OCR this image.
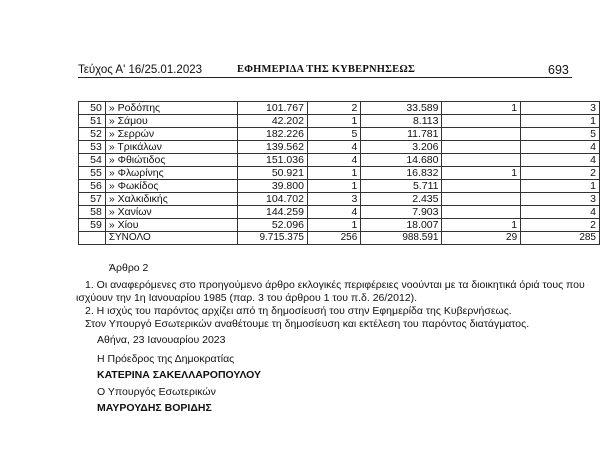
Τεύχος Α' 16/25.01.2023	ΕΦΗΜΕΡΙΔΑ ΤΗΣ ΚΥΒΕΡΝΗΣΕΩΣ	693
50	» Ροδόπης	101.767	2	33.589	1	3
51	» Σάμου	42.202	1	8.113		1
52	» Σερρών	182.226	5	11.781		5
53	» Τρικάλων	139.562	4	3.206		4
54	» Φθιώτιδος	151.036	4	14.680		4
55	» Φλωρίνης	50.921	1	16.832	1	2
56	» Φωκίδος	39.800	1	5.711		1
57	» Χαλκιδικής	104.702	3	2.435		3
58	» Χανίων	144.259	4	7.903		4
59	» Χίου	52.096	1	18.007	1	2
	ΣΥΝΟΛΟ	9.715.375	256	988.591	29	285
Άρθρο 2
1. Οι αναφερόμενες στο προηγούμενο άρθρο εκλογικές περιφέρειες νοούνται με τα διοικητικά όριά τους που
ισχύουν την 1η Ιανουαρίου 1985 (παρ. 3 του άρθρου 1 του π.δ. 26/2012).
2. Η ισχύς του παρόντος αρχίζει από τη δημοσίευσή του στην Εφημερίδα της Κυβερνήσεως.
Στον Υπουργό Εσωτερικών αναθέτουμε τη δημοσίευση και εκτέλεση του παρόντος διατάγματος.
Αθήνα, 23 Ιανουαρίου 2023
Η Πρόεδρος της Δημοκρατίας
ΚΑΤΕΡΙΝΑ ΣΑΚΕΛΛΑΡΟΠΟΥΛΟΥ
Ο Υπουργός Εσωτερικών
ΜΑΥΡΟΥΔΗΣ ΒΟΡΙΔΗΣ
